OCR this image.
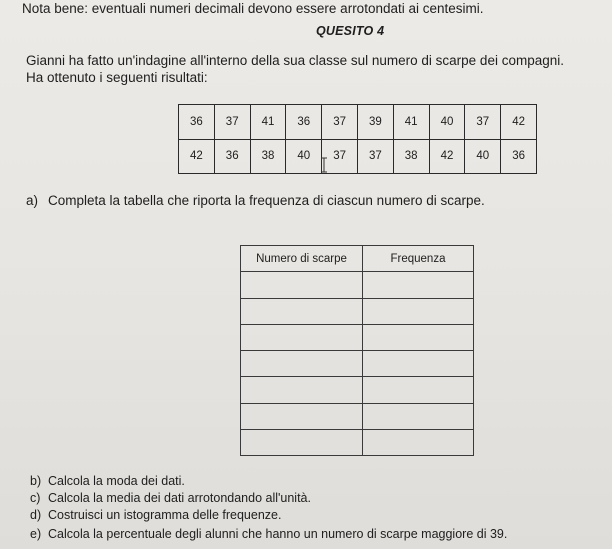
Nota bene: eventuali numeri decimali devono essere arrotondati ai centesimi.
QUESITO 4
Gianni ha fatto un'indagine all'interno della sua classe sul numero di scarpe dei compagni.
Ha ottenuto i seguenti risultati:
36	37	41	36	37	39	41	40	37	42
42	36	38	40	37	37	38	42	40	36
a) Completa la tabella che riporta la frequenza di ciascun numero di scarpe.
Numero di scarpe	Frequenza

b) Calcola la moda dei dati.
c) Calcola la media dei dati arrotondando all'unità.
d) Costruisci un istogramma delle frequenze.
e) Calcola la percentuale degli alunni che hanno un numero di scarpe maggiore di 39.
